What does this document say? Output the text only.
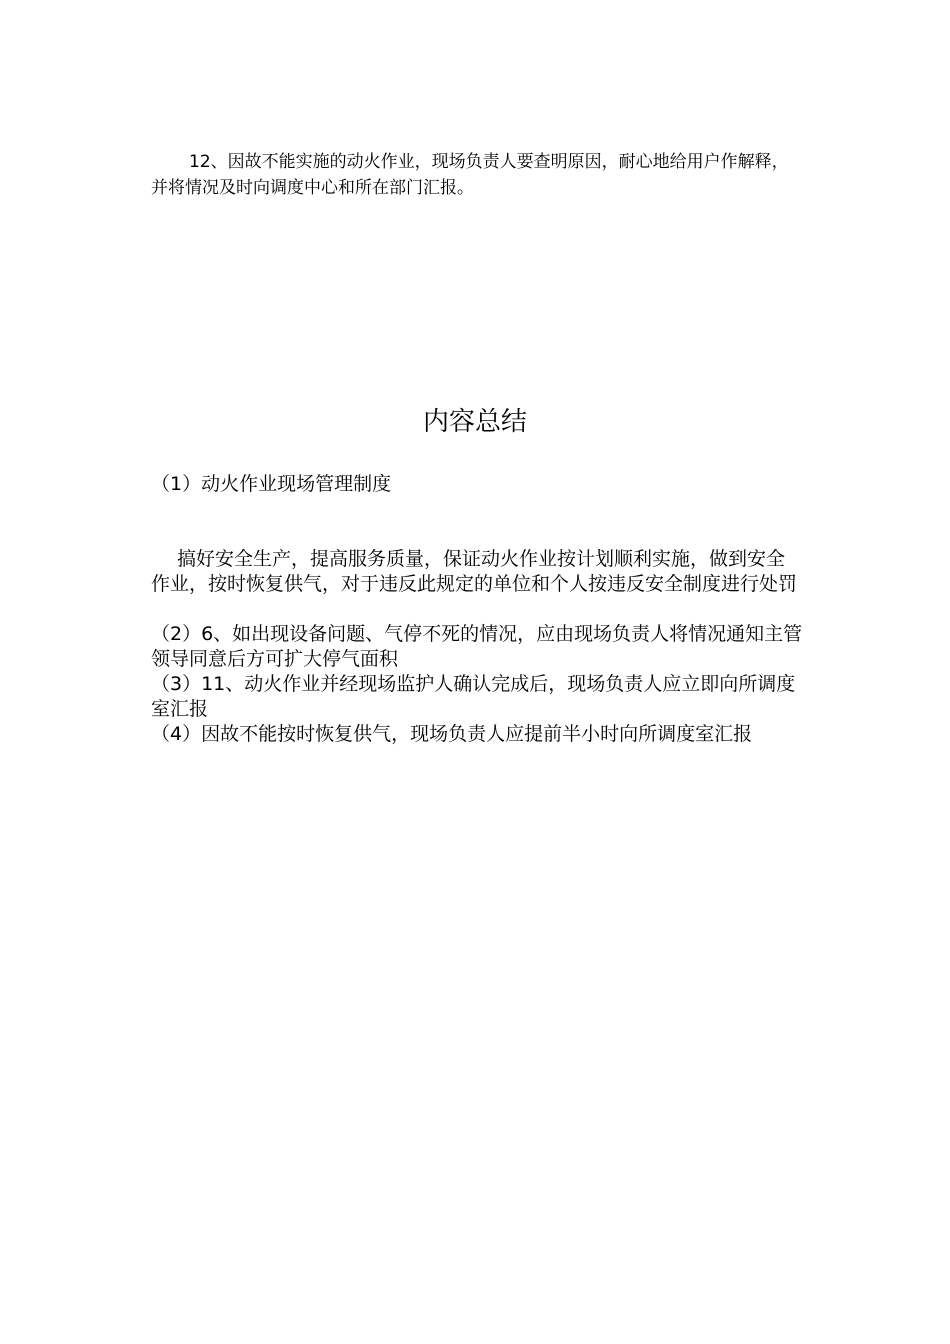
12、因故不能实施的动火作业，现场负责人要查明原因，耐心地给用户作解释，并将情况及时向调度中心和所在部门汇报。

内容总结

（1）动火作业现场管理制度

搞好安全生产，提高服务质量，保证动火作业按计划顺利实施，做到安全作业，按时恢复供气，对于违反此规定的单位和个人按违反安全制度进行处罚

（2）6、如出现设备问题、气停不死的情况，应由现场负责人将情况通知主管领导同意后方可扩大停气面积

（3）11、动火作业并经现场监护人确认完成后，现场负责人应立即向所调度室汇报

（4）因故不能按时恢复供气，现场负责人应提前半小时向所调度室汇报
